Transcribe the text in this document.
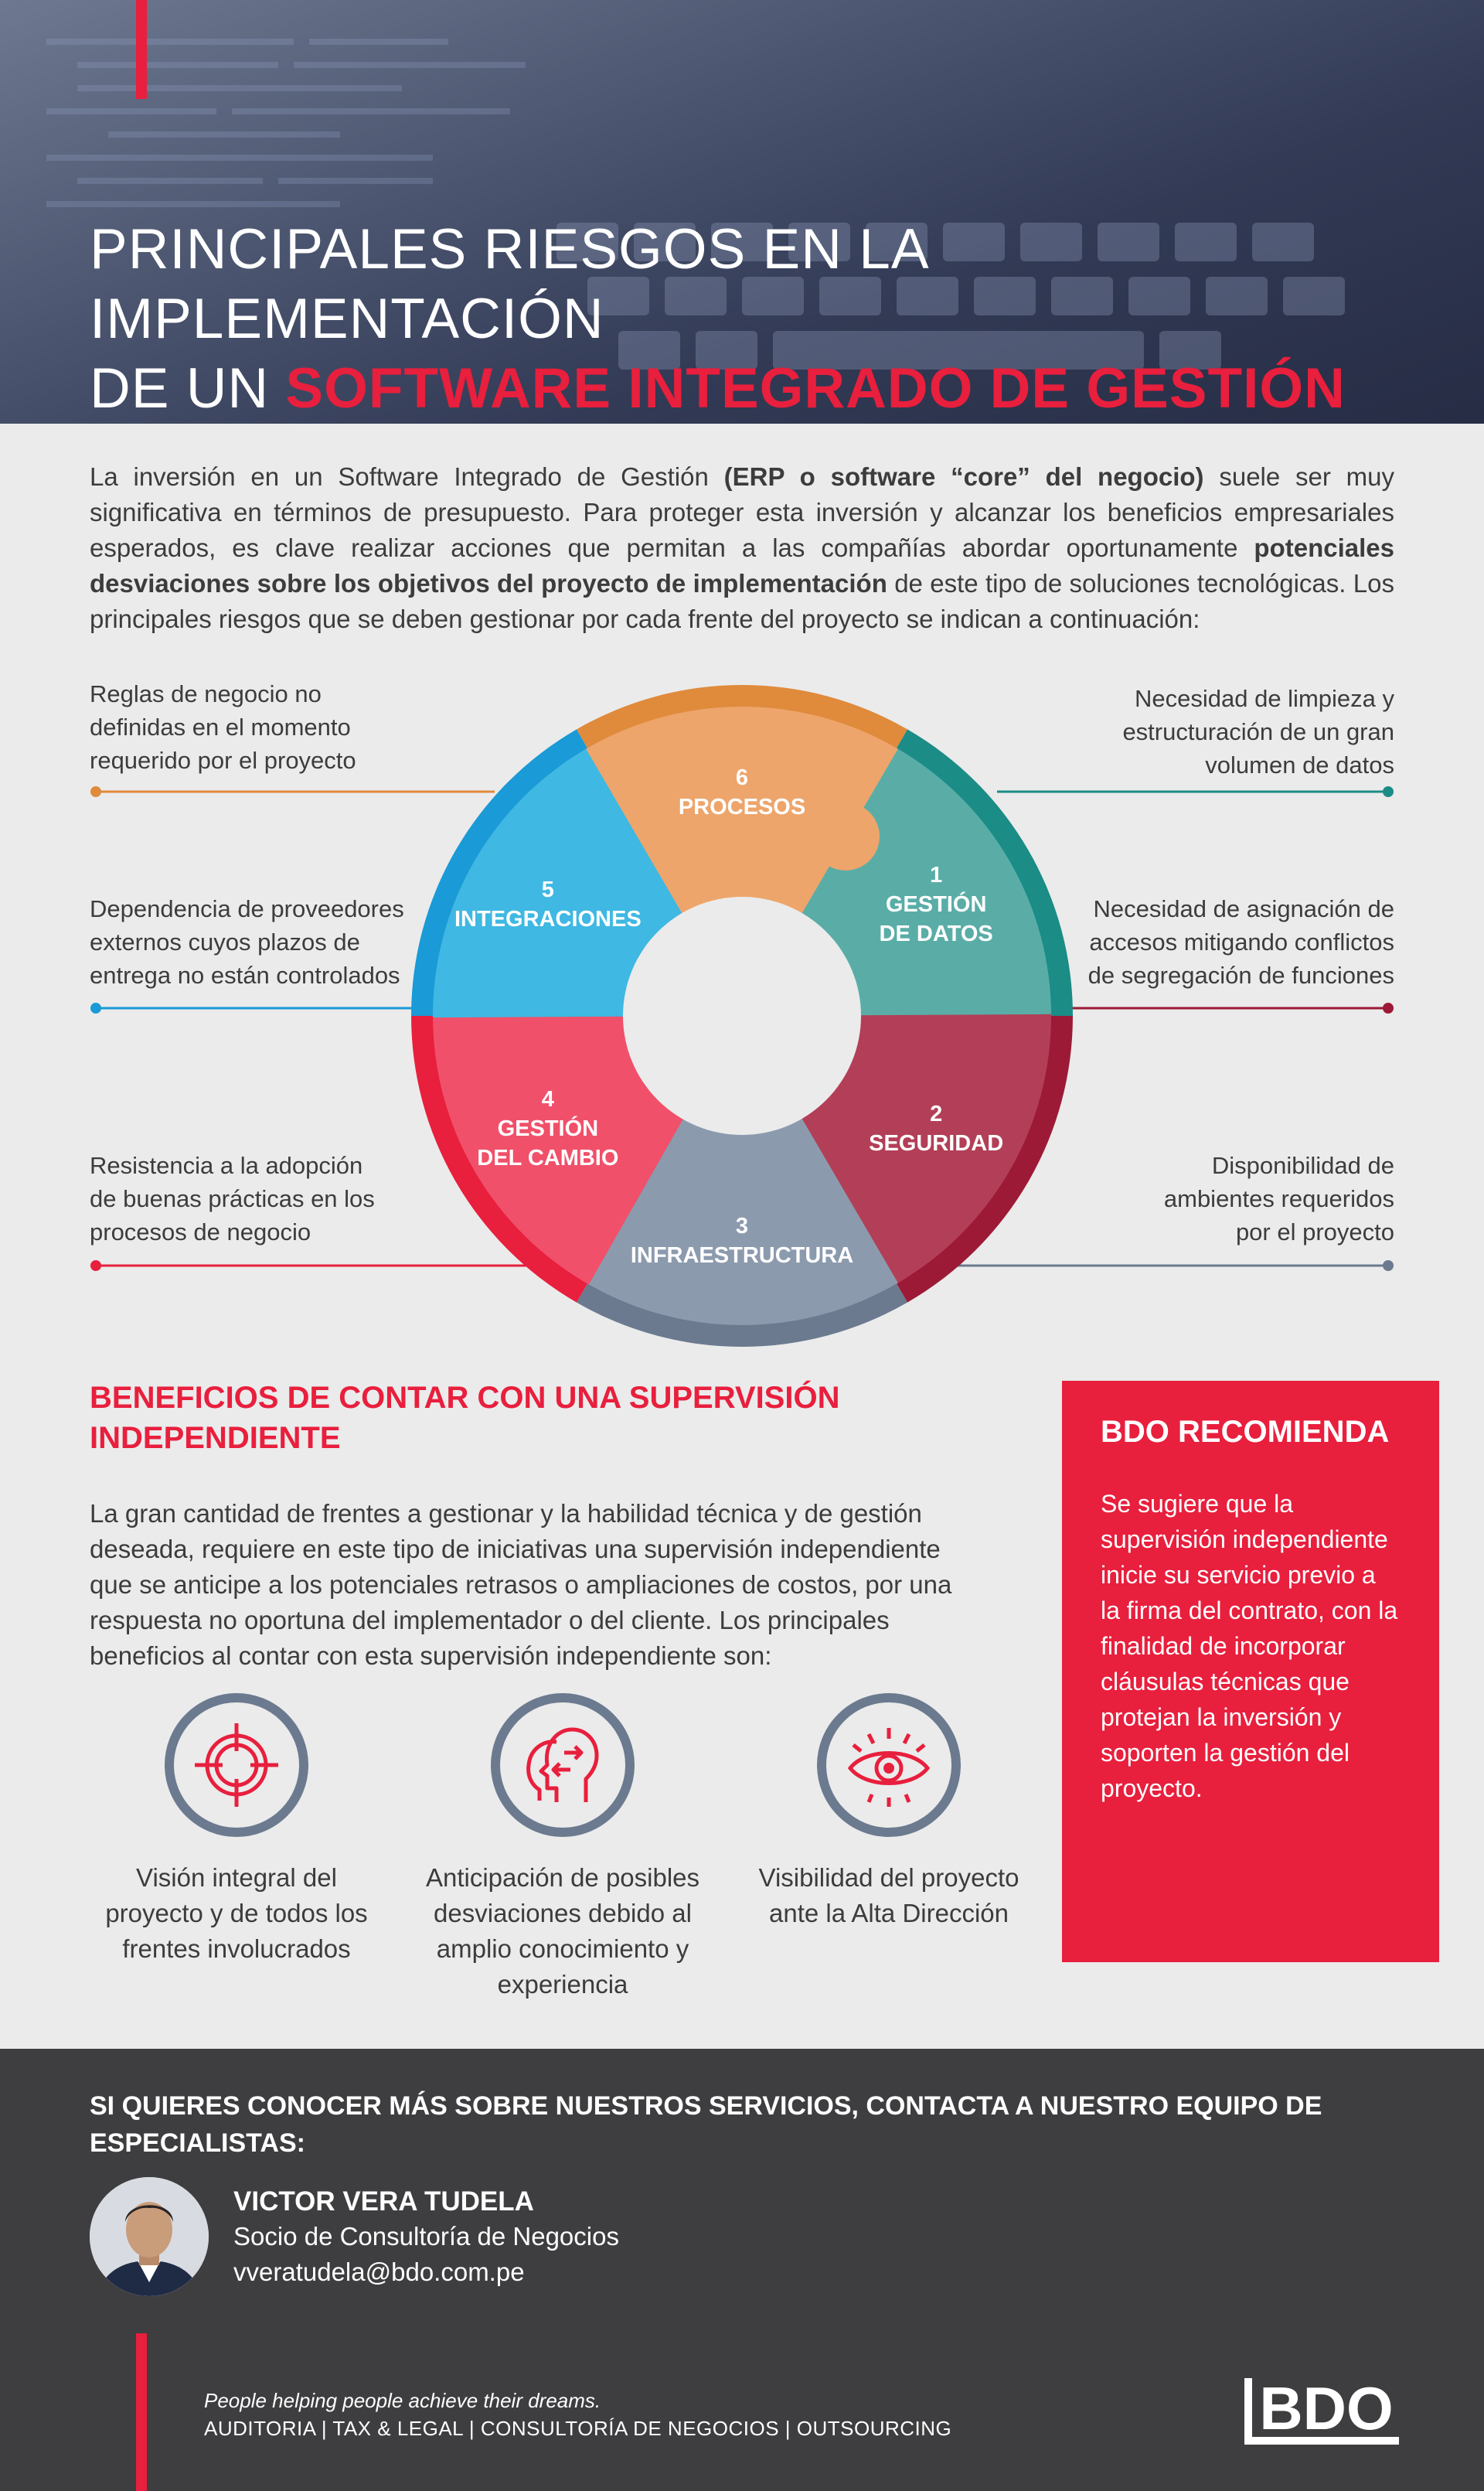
PRINCIPALES RIESGOS EN LA IMPLEMENTACIÓN
DE UN SOFTWARE INTEGRADO DE GESTIÓN

La inversión en un Software Integrado de Gestión (ERP o software “core” del negocio) suele ser muy significativa en términos de presupuesto. Para proteger esta inversión y alcanzar los beneficios empresariales esperados, es clave realizar acciones que permitan a las compañías abordar oportunamente potenciales desviaciones sobre los objetivos del proyecto de implementación de este tipo de soluciones tecnológicas. Los principales riesgos que se deben gestionar por cada frente del proyecto se indican a continuación:

Reglas de negocio no
definidas en el momento
requerido por el proyecto
Dependencia de proveedores
externos cuyos plazos de
entrega no están controlados
Resistencia a la adopción
de buenas prácticas en los
procesos de negocio
Necesidad de limpieza y
estructuración de un gran
volumen de datos
Necesidad de asignación de
accesos mitigando conflictos
de segregación de funciones
Disponibilidad de
ambientes requeridos
por el proyecto
1
GESTIÓN
DE DATOS
2
SEGURIDAD
3
INFRAESTRUCTURA
4
GESTIÓN
DEL CAMBIO
5
INTEGRACIONES
6
PROCESOS
BENEFICIOS DE CONTAR CON UNA SUPERVISIÓN INDEPENDIENTE

La gran cantidad de frentes a gestionar y la habilidad técnica y de gestión deseada, requiere en este tipo de iniciativas una supervisión independiente que se anticipe a los potenciales retrasos o ampliaciones de costos, por una respuesta no oportuna del implementador o del cliente. Los principales beneficios al contar con esta supervisión independiente son:

Visión integral del proyecto y de todos los frentes involucrados
Anticipación de posibles desviaciones debido al amplio conocimiento y experiencia
Visibilidad del proyecto ante la Alta Dirección
BDO RECOMIENDA
Se sugiere que la supervisión independiente inicie su servicio previo a la firma del contrato, con la finalidad de incorporar cláusulas técnicas que protejan la inversión y soporten la gestión del proyecto.
SI QUIERES CONOCER MÁS SOBRE NUESTROS SERVICIOS, CONTACTA A NUESTRO EQUIPO DE ESPECIALISTAS:
VICTOR VERA TUDELA
Socio de Consultoría de Negocios
vveratudela@bdo.com.pe
People helping people achieve their dreams.
AUDITORIA | TAX & LEGAL | CONSULTORÍA DE NEGOCIOS | OUTSOURCING	BDO
